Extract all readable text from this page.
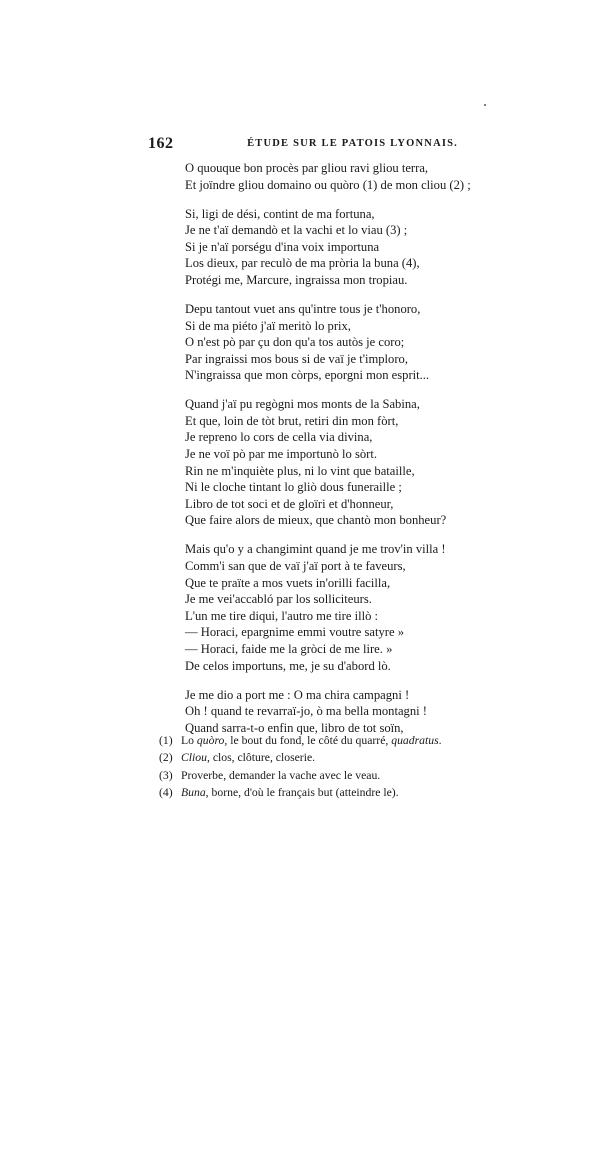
162	ÉTUDE SUR LE PATOIS LYONNAIS.
O quouque bon procès par gliou ravi gliou terra,
Et joïndre gliou domaino ou quòro (1) de mon cliou (2) ;
Si, ligi de dési, contint de ma fortuna,
Je ne t'aï demandò et la vachi et lo viau (3) ;
Si je n'aï porségu d'ina voix importuna
Los dieux, par reculò de ma pròria la buna (4),
Protégi me, Marcure, ingraissa mon tropiau.
Depu tantout vuet ans qu'intre tous je t'honoro,
Si de ma piéto j'aï meritò lo prix,
O n'est pò par çu don qu'a tos autòs je coro;
Par ingraissi mos bous si de vaï je t'imploro,
N'ingraissa que mon còrps, eporgni mon esprit...
Quand j'aï pu regògni mos monts de la Sabina,
Et que, loin de tòt brut, retiri din mon fòrt,
Je repreno lo cors de cella via divina,
Je ne voï pò par me importunò lo sòrt.
Rin ne m'inquiète plus, ni lo vint que bataille,
Ni le cloche tintant lo gliò dous funeraille ;
Libro de tot soci et de gloïri et d'honneur,
Que faire alors de mieux, que chantò mon bonheur?
Mais qu'o y a changimint quand je me trov'in villa !
Comm'i san que de vaï j'aï port à te faveurs,
Que te praïte a mos vuets in'orilli facilla,
Je me vei'accabló par los solliciteurs.
L'un me tire diqui, l'autro me tire illò :
— Horaci, epargnime emmi voutre satyre »
— Horaci, faide me la gròci de me lire. »
De celos importuns, me, je su d'abord lò.
Je me dio a port me : O ma chira campagni !
Oh ! quand te revarraï-jo, ò ma bella montagni !
Quand sarra-t-o enfin que, libro de tot soïn,
(1) Lo quòro, le bout du fond, le côté du quarré, quadratus.
(2) Cliou, clos, clôture, closerie.
(3) Proverbe, demander la vache avec le veau.
(4) Buna, borne, d'où le français but (atteindre le).
